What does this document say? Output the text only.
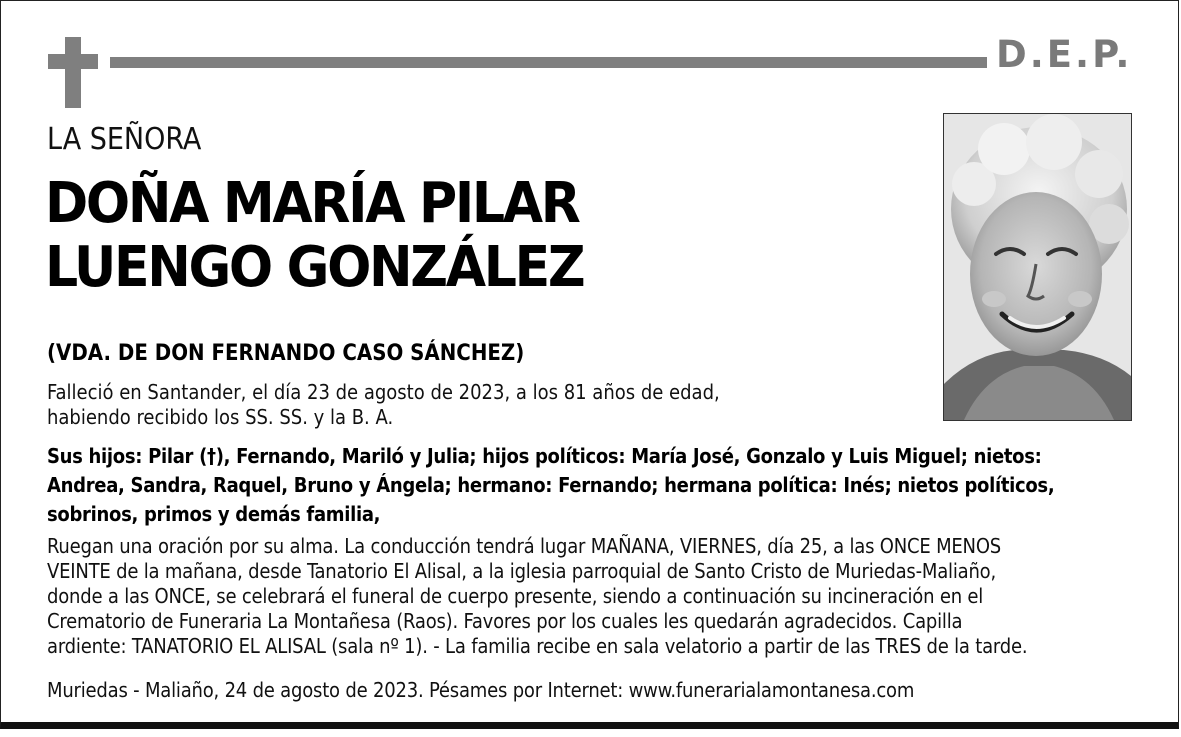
D.E.P.
LA SEÑORA
DOÑA MARÍA PILAR
LUENGO GONZÁLEZ
(VDA. DE DON FERNANDO CASO SÁNCHEZ)
Falleció en Santander, el día 23 de agosto de 2023, a los 81 años de edad,
habiendo recibido los SS. SS. y la B. A.
Sus hijos: Pilar (†), Fernando, Mariló y Julia; hijos políticos: María José, Gonzalo y Luis Miguel; nietos:
Andrea, Sandra, Raquel, Bruno y Ángela; hermano: Fernando; hermana política: Inés; nietos políticos,
sobrinos, primos y demás familia,
Ruegan una oración por su alma. La conducción tendrá lugar MAÑANA, VIERNES, día 25, a las ONCE MENOS
VEINTE de la mañana, desde Tanatorio El Alisal, a la iglesia parroquial de Santo Cristo de Muriedas-Maliaño,
donde a las ONCE, se celebrará el funeral de cuerpo presente, siendo a continuación su incineración en el
Crematorio de Funeraria La Montañesa (Raos). Favores por los cuales les quedarán agradecidos. Capilla
ardiente: TANATORIO EL ALISAL (sala nº 1). - La familia recibe en sala velatorio a partir de las TRES de la tarde.
Muriedas - Maliaño, 24 de agosto de 2023. Pésames por Internet: www.funerarialamontanesa.com
